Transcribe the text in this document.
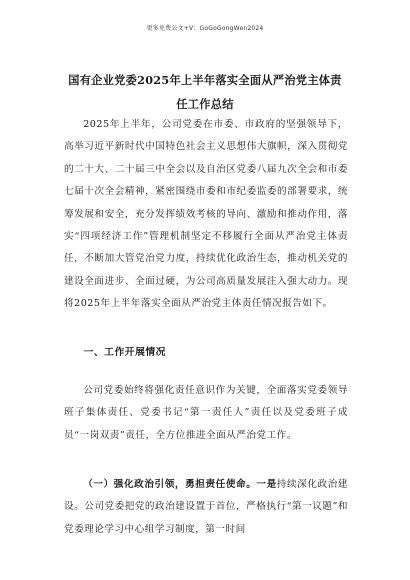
更多免费公文+V：GoGoGongWen2024
国有企业党委2025年上半年落实全面从严治党主体责任工作总结
2025年上半年，公司党委在市委、市政府的坚强领导下，高举习近平新时代中国特色社会主义思想伟大旗帜，深入贯彻党的二十大、二十届三中全会以及自治区党委八届九次全会和市委七届十次全会精神，紧密围绕市委和市纪委监委的部署要求，统筹发展和安全，充分发挥绩效考核的导向、激励和推动作用，落实“四项经济工作”管理机制坚定不移履行全面从严治党主体责任，不断加大管党治党力度，持续优化政治生态，推动机关党的建设全面进步、全面过硬，为公司高质量发展注入强大动力。现将2025年上半年落实全面从严治党主体责任情况报告如下。
一、工作开展情况
公司党委始终将强化责任意识作为关键，全面落实党委领导班子集体责任、党委书记“第一责任人”责任以及党委班子成员“一岗双责”责任，全方位推进全面从严治党工作。
（一）强化政治引领，勇担责任使命。一是持续深化政治建设。公司党委把党的政治建设置于首位，严格执行“第一议题”和党委理论学习中心组学习制度，第一时间
